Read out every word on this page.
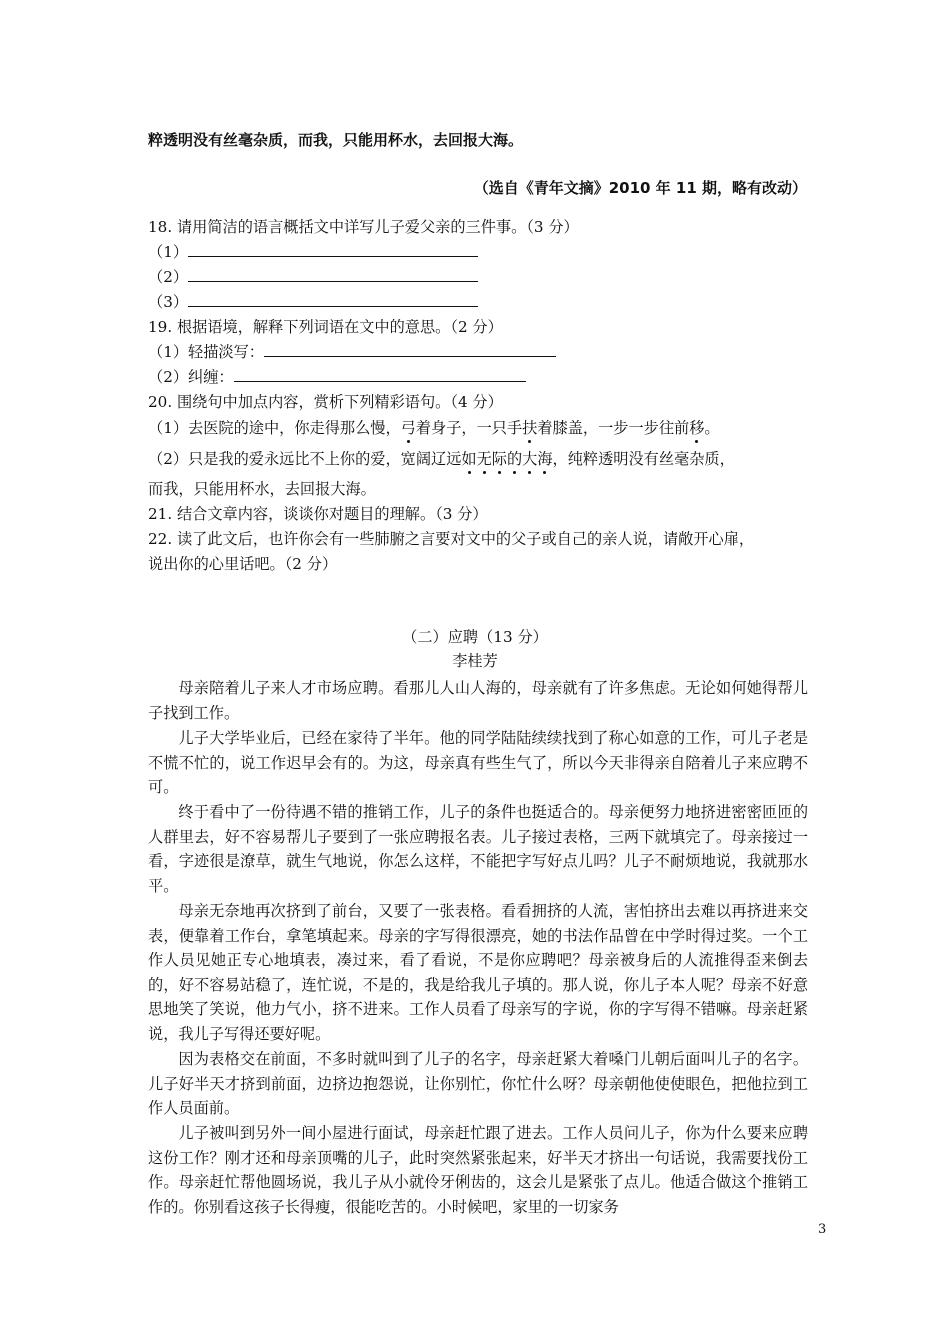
粹透明没有丝毫杂质，而我，只能用杯水，去回报大海。
（选自《青年文摘》2010 年 11 期，略有改动）
18. 请用简洁的语言概括文中详写儿子爱父亲的三件事。（3 分）
（1）
（2）
（3）
19. 根据语境，解释下列词语在文中的意思。（2 分）
（1）轻描淡写：
（2）纠缠：
20. 围绕句中加点内容，赏析下列精彩语句。（4 分）
（1）去医院的途中，你走得那么慢，弓着身子，一只手扶着膝盖，一步一步往前移。
（2）只是我的爱永远比不上你的爱，宽阔辽远如无际的大海，纯粹透明没有丝毫杂质，
而我，只能用杯水，去回报大海。
21. 结合文章内容，谈谈你对题目的理解。（3 分）
22. 读了此文后，也许你会有一些肺腑之言要对文中的父子或自己的亲人说，请敞开心扉，
说出你的心里话吧。（2 分）
（二）应聘（13 分）
李桂芳

母亲陪着儿子来人才市场应聘。看那儿人山人海的，母亲就有了许多焦虑。无论如何她得帮儿子找到工作。

儿子大学毕业后，已经在家待了半年。他的同学陆陆续续找到了称心如意的工作，可儿子老是不慌不忙的，说工作迟早会有的。为这，母亲真有些生气了，所以今天非得亲自陪着儿子来应聘不可。

终于看中了一份待遇不错的推销工作，儿子的条件也挺适合的。母亲便努力地挤进密密匝匝的人群里去，好不容易帮儿子要到了一张应聘报名表。儿子接过表格，三两下就填完了。母亲接过一看，字迹很是潦草，就生气地说，你怎么这样，不能把字写好点儿吗？儿子不耐烦地说，我就那水平。

母亲无奈地再次挤到了前台，又要了一张表格。看看拥挤的人流，害怕挤出去难以再挤进来交表，便靠着工作台，拿笔填起来。母亲的字写得很漂亮，她的书法作品曾在中学时得过奖。一个工作人员见她正专心地填表，凑过来，看了看说，不是你应聘吧？母亲被身后的人流推得歪来倒去的，好不容易站稳了，连忙说，不是的，我是给我儿子填的。那人说，你儿子本人呢？母亲不好意思地笑了笑说，他力气小，挤不进来。工作人员看了母亲写的字说，你的字写得不错嘛。母亲赶紧说，我儿子写得还要好呢。

因为表格交在前面，不多时就叫到了儿子的名字，母亲赶紧大着嗓门儿朝后面叫儿子的名字。儿子好半天才挤到前面，边挤边抱怨说，让你别忙，你忙什么呀？母亲朝他使使眼色，把他拉到工作人员面前。

儿子被叫到另外一间小屋进行面试，母亲赶忙跟了进去。工作人员问儿子，你为什么要来应聘这份工作？刚才还和母亲顶嘴的儿子，此时突然紧张起来，好半天才挤出一句话说，我需要找份工作。母亲赶忙帮他圆场说，我儿子从小就伶牙俐齿的，这会儿是紧张了点儿。他适合做这个推销工作的。你别看这孩子长得瘦，很能吃苦的。小时候吧，家里的一切家务

3
